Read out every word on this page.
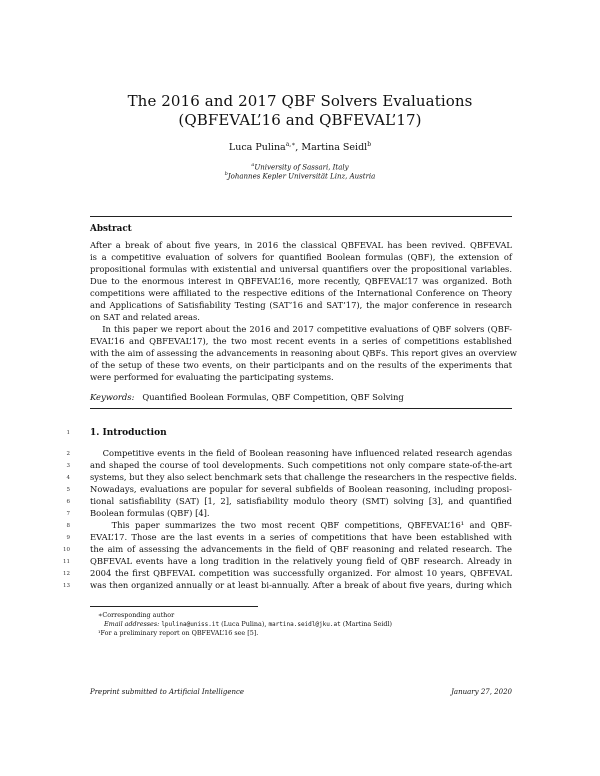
The 2016 and 2017 QBF Solvers Evaluations
(QBFEVAL’16 and QBFEVAL’17)
Luca Pulina$^{a,∗}$, Martina Seidl$^b$
$^a$University of Sassari, Italy
$^b$Johannes Kepler Universität Linz, Austria
Abstract
After a break of about five years, in 2016 the classical QBFEVAL has been revived. QBFEVAL
is a competitive evaluation of solvers for quantified Boolean formulas (QBF), the extension of
propositional formulas with existential and universal quantifiers over the propositional variables.
Due to the enormous interest in QBFEVAL’16, more recently, QBFEVAL’17 was organized. Both
competitions were affiliated to the respective editions of the International Conference on Theory
and Applications of Satisfiability Testing (SAT’16 and SAT’17), the major conference in research
on SAT and related areas.
In this paper we report about the 2016 and 2017 competitive evaluations of QBF solvers (QBF-
EVAL’16 and QBFEVAL’17), the two most recent events in a series of competitions established
with the aim of assessing the advancements in reasoning about QBFs. This report gives an overview
of the setup of these two events, on their participants and on the results of the experiments that
were performed for evaluating the participating systems.
Keywords: Quantified Boolean Formulas, QBF Competition, QBF Solving
1 1. Introduction
2 Competitive events in the field of Boolean reasoning have influenced related research agendas
3 and shaped the course of tool developments. Such competitions not only compare state-of-the-art
4 systems, but they also select benchmark sets that challenge the researchers in the respective fields.
5 Nowadays, evaluations are popular for several subfields of Boolean reasoning, including proposi-
6 tional satisfiability (SAT) [1, 2], satisfiability modulo theory (SMT) solving [3], and quantified
7 Boolean formulas (QBF) [4].
8 This paper summarizes the two most recent QBF competitions, QBFEVAL’16¹ and QBF-
9 EVAL’17. Those are the last events in a series of competitions that have been established with
10 the aim of assessing the advancements in the field of QBF reasoning and related research. The
11 QBFEVAL events have a long tradition in the relatively young field of QBF research. Already in
12 2004 the first QBFEVAL competition was successfully organized. For almost 10 years, QBFEVAL
13 was then organized annually or at least bi-annually. After a break of about five years, during which
∗Corresponding author
Email addresses: lpulina@uniss.it (Luca Pulina), martina.seidl@jku.at (Martina Seidl)
¹For a preliminary report on QBFEVAL’16 see [5].
Preprint submitted to Artificial Intelligence	January 27, 2020
